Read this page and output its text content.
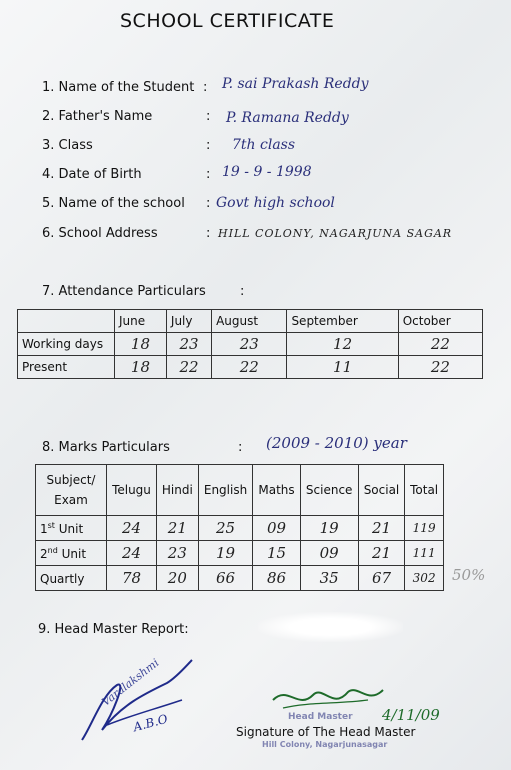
SCHOOL CERTIFICATE
1. Name of the Student : P. sai Prakash Reddy
2. Father's Name	: P. Ramana Reddy
3. Class	: 7th class
4. Date of Birth	: 19 - 9 - 1998
5. Name of the school : Govt high school
6. School Address	: HILL COLONY, NAGARJUNA SAGAR
7. Attendance Particulars	:
	June	July	August	September	October
Working days	18	23	23	12	22
Present	18	22	22	11	22
8. Marks Particulars	: (2009 - 2010) year
Subject/
Exam	Telugu	Hindi	English	Maths	Science	Social	Total
1st Unit	24	21	25	09	19	21	119
2nd Unit	24	23	19	15	09	21	111
Quartly	78	20	66	86	35	67	302 50%
9. Head Master Report:
Varalakshmi
A.B.O	Head Master 4/11/09
Signature of The Head Master
Hill Colony, Nagarjunasagar
